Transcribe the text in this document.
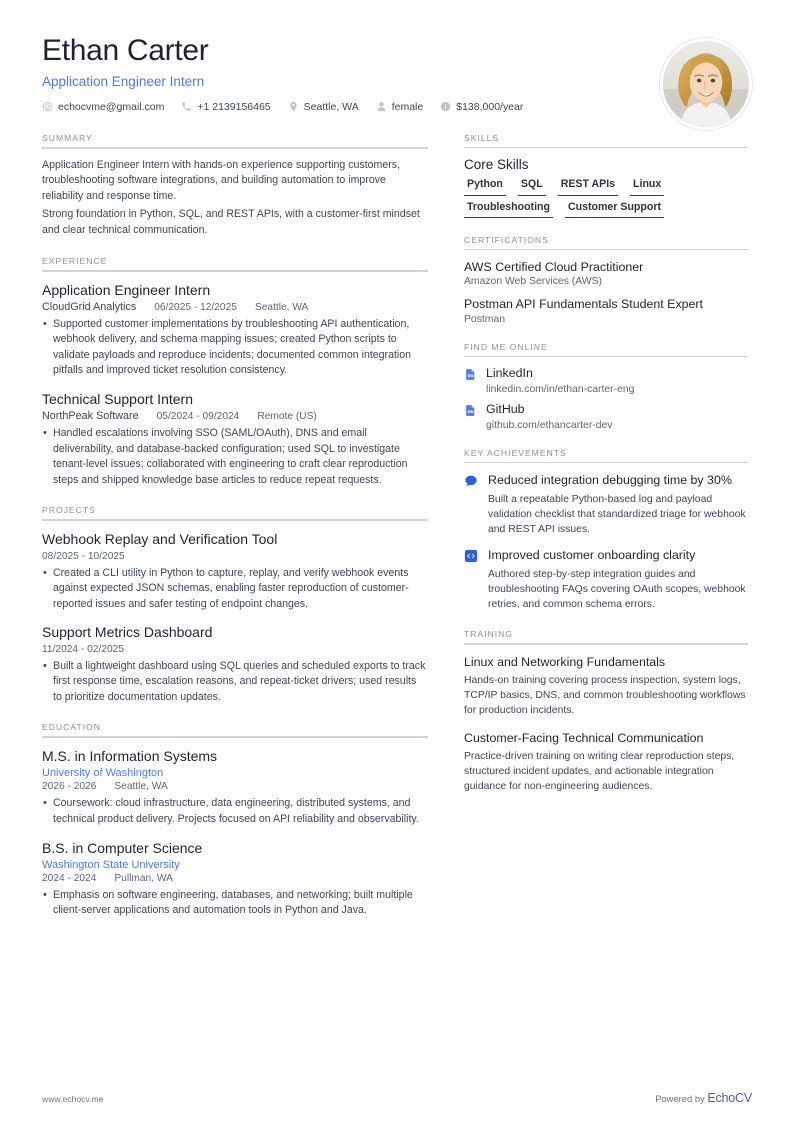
Ethan Carter
Application Engineer Intern
echocvme@gmail.com	+1 2139156465	Seattle, WA	female	$138,000/year
SUMMARY

Application Engineer Intern with hands-on experience supporting customers, troubleshooting software integrations, and building automation to improve reliability and response time.

Strong foundation in Python, SQL, and REST APIs, with a customer-first mindset and clear technical communication.

EXPERIENCE
Application Engineer Intern
CloudGrid Analytics 06/2025 - 12/2025 Seattle, WA
• Supported customer implementations by troubleshooting API authentication, webhook delivery, and schema mapping issues; created Python scripts to validate payloads and reproduce incidents; documented common integration pitfalls and improved ticket resolution consistency.
Technical Support Intern
NorthPeak Software 05/2024 - 09/2024 Remote (US)
• Handled escalations involving SSO (SAML/OAuth), DNS and email deliverability, and database-backed configuration; used SQL to investigate tenant-level issues; collaborated with engineering to craft clear reproduction steps and shipped knowledge base articles to reduce repeat requests.
PROJECTS
Webhook Replay and Verification Tool
08/2025 - 10/2025
• Created a CLI utility in Python to capture, replay, and verify webhook events against expected JSON schemas, enabling faster reproduction of customer-reported issues and safer testing of endpoint changes.
Support Metrics Dashboard
11/2024 - 02/2025
• Built a lightweight dashboard using SQL queries and scheduled exports to track first response time, escalation reasons, and repeat-ticket drivers; used results to prioritize documentation updates.
EDUCATION
M.S. in Information Systems
University of Washington
2026 - 2026 Seattle, WA
• Coursework: cloud infrastructure, data engineering, distributed systems, and technical product delivery. Projects focused on API reliability and observability.
B.S. in Computer Science
Washington State University
2024 - 2024 Pullman, WA
• Emphasis on software engineering, databases, and networking; built multiple client-server applications and automation tools in Python and Java.
SKILLS
Core Skills
Python SQL REST APIs Linux
Troubleshooting Customer Support
CERTIFICATIONS
AWS Certified Cloud Practitioner
Amazon Web Services (AWS)
Postman API Fundamentals Student Expert
Postman
FIND ME ONLINE
LinkedIn
linkedin.com/in/ethan-carter-eng
GitHub
github.com/ethancarter-dev
KEY ACHIEVEMENTS
Reduced integration debugging time by 30%
Built a repeatable Python-based log and payload validation checklist that standardized triage for webhook and REST API issues.
Improved customer onboarding clarity
Authored step-by-step integration guides and troubleshooting FAQs covering OAuth scopes, webhook retries, and common schema errors.
TRAINING
Linux and Networking Fundamentals
Hands-on training covering process inspection, system logs, TCP/IP basics, DNS, and common troubleshooting workflows for production incidents.
Customer-Facing Technical Communication
Practice-driven training on writing clear reproduction steps, structured incident updates, and actionable integration guidance for non-engineering audiences.
www.echocv.me	Powered by EchoCV
